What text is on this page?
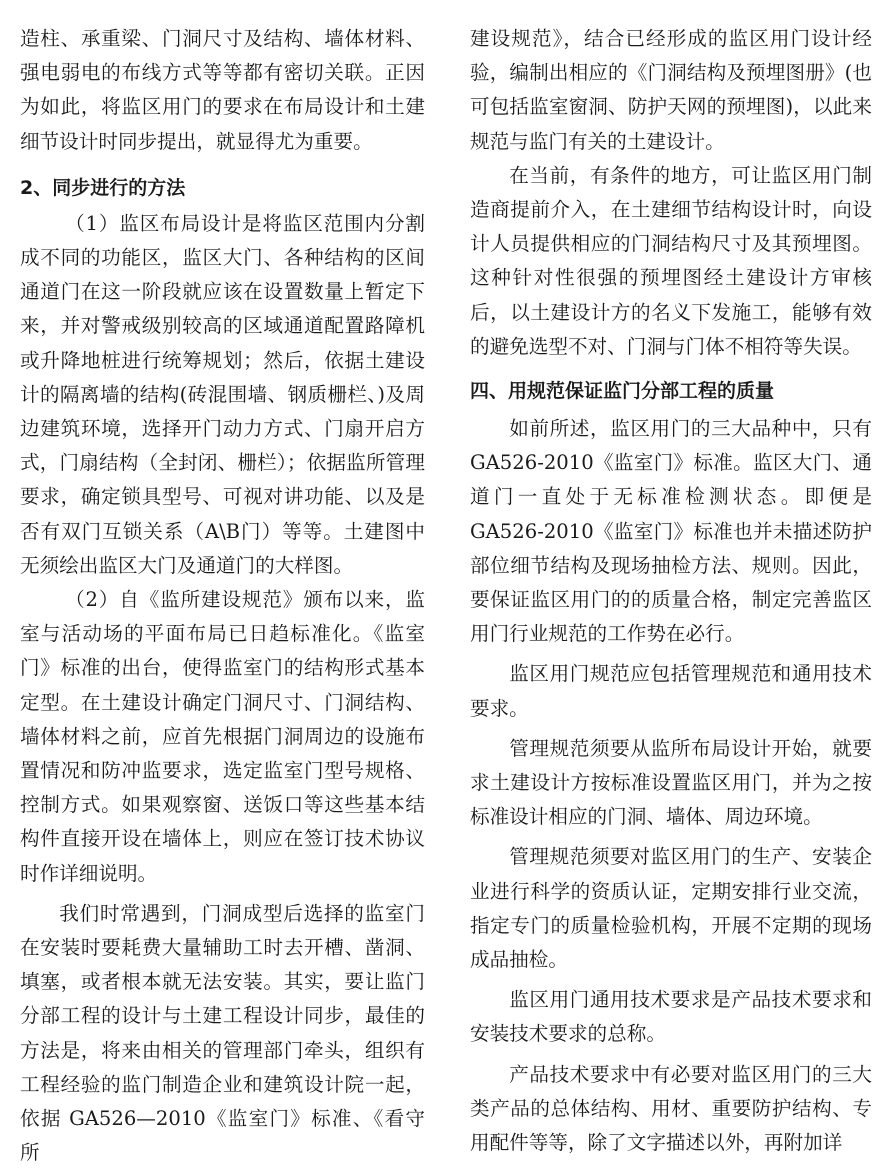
造柱、承重梁、门洞尺寸及结构、墙体材料、强电弱电的布线方式等等都有密切关联。正因为如此，将监区用门的要求在布局设计和土建细节设计时同步提出，就显得尤为重要。

2、同步进行的方法

（1）监区布局设计是将监区范围内分割成不同的功能区，监区大门、各种结构的区间通道门在这一阶段就应该在设置数量上暂定下来，并对警戒级别较高的区域通道配置路障机或升降地桩进行统筹规划；然后，依据土建设计的隔离墙的结构(砖混围墙、钢质栅栏、)及周边建筑环境，选择开门动力方式、门扇开启方式，门扇结构（全封闭、栅栏）；依据监所管理要求，确定锁具型号、可视对讲功能、以及是否有双门互锁关系（A\B门）等等。土建图中无须绘出监区大门及通道门的大样图。

（2）自《监所建设规范》颁布以来，监室与活动场的平面布局已日趋标准化。《监室门》标准的出台，使得监室门的结构形式基本定型。在土建设计确定门洞尺寸、门洞结构、墙体材料之前，应首先根据门洞周边的设施布置情况和防冲监要求，选定监室门型号规格、控制方式。如果观察窗、送饭口等这些基本结构件直接开设在墙体上，则应在签订技术协议时作详细说明。

我们时常遇到，门洞成型后选择的监室门在安装时要耗费大量辅助工时去开槽、凿洞、填塞，或者根本就无法安装。其实，要让监门分部工程的设计与土建工程设计同步，最佳的方法是，将来由相关的管理部门牵头，组织有工程经验的监门制造企业和建筑设计院一起，依据 GA526—2010《监室门》标准、《看守所

建设规范》，结合已经形成的监区用门设计经验，编制出相应的《门洞结构及预埋图册》(也可包括监室窗洞、防护天网的预埋图)，以此来规范与监门有关的土建设计。

在当前，有条件的地方，可让监区用门制造商提前介入，在土建细节结构设计时，向设计人员提供相应的门洞结构尺寸及其预埋图。这种针对性很强的预埋图经土建设计方审核后，以土建设计方的名义下发施工，能够有效的避免选型不对、门洞与门体不相符等失误。

四、用规范保证监门分部工程的质量

如前所述，监区用门的三大品种中，只有GA526-2010《监室门》标准。监区大门、通道门一直处于无标准检测状态。即便是GA526-2010《监室门》标准也并未描述防护部位细节结构及现场抽检方法、规则。因此，要保证监区用门的的质量合格，制定完善监区用门行业规范的工作势在必行。

监区用门规范应包括管理规范和通用技术要求。

管理规范须要从监所布局设计开始，就要求土建设计方按标准设置监区用门，并为之按标准设计相应的门洞、墙体、周边环境。

管理规范须要对监区用门的生产、安装企业进行科学的资质认证，定期安排行业交流，指定专门的质量检验机构，开展不定期的现场成品抽检。

监区用门通用技术要求是产品技术要求和安装技术要求的总称。

产品技术要求中有必要对监区用门的三大类产品的总体结构、用材、重要防护结构、专用配件等等，除了文字描述以外，再附加详
